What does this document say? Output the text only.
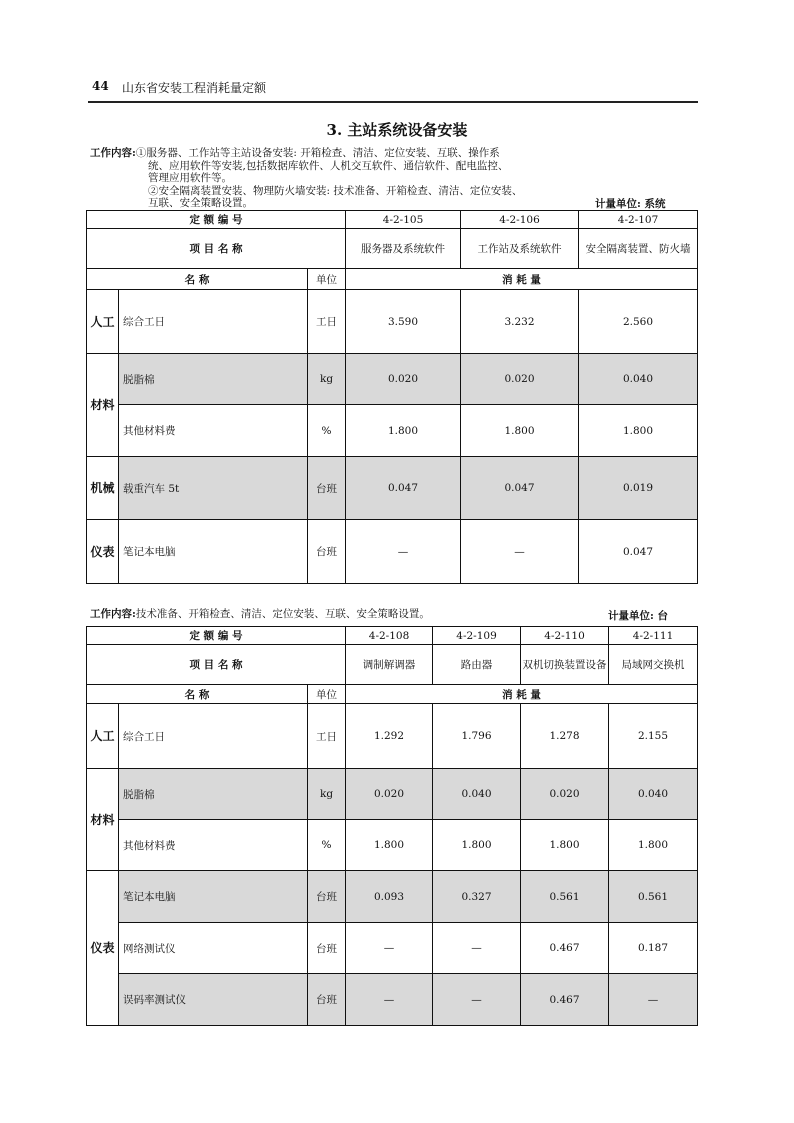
44 山东省安装工程消耗量定额
3. 主站系统设备安装
工作内容:①服务器、工作站等主站设备安装: 开箱检查、清洁、定位安装、互联、操作系
统、应用软件等安装,包括数据库软件、人机交互软件、通信软件、配电监控、
管理应用软件等。
②安全隔离装置安装、物理防火墙安装: 技术准备、开箱检查、清洁、定位安装、
互联、安全策略设置。	计量单位: 系统
定 额 编 号			4-2-105	4-2-106	4-2-107
项 目 名 称			服务器及系统软件	工作站及系统软件	安全隔离装置、防火墙
名 称		单位	消 耗 量		
人工	综合工日	工日	3.590	3.232	2.560
材料	脱脂棉	kg	0.020	0.020	0.040
	其他材料费	%	1.800	1.800	1.800
机械	载重汽车 5t	台班	0.047	0.047	0.019
仪表	笔记本电脑	台班	—	—	0.047
工作内容:技术准备、开箱检查、清洁、定位安装、互联、安全策略设置。	计量单位: 台
定 额 编 号			4-2-108	4-2-109	4-2-110	4-2-111
项 目 名 称			调制解调器	路由器	双机切换装置设备	局域网交换机
名 称		单位	消 耗 量			
人工	综合工日	工日	1.292	1.796	1.278	2.155
材料	脱脂棉	kg	0.020	0.040	0.020	0.040
	其他材料费	%	1.800	1.800	1.800	1.800
仪表	笔记本电脑	台班	0.093	0.327	0.561	0.561
	网络测试仪	台班	—	—	0.467	0.187
	误码率测试仪	台班	—	—	0.467	—
